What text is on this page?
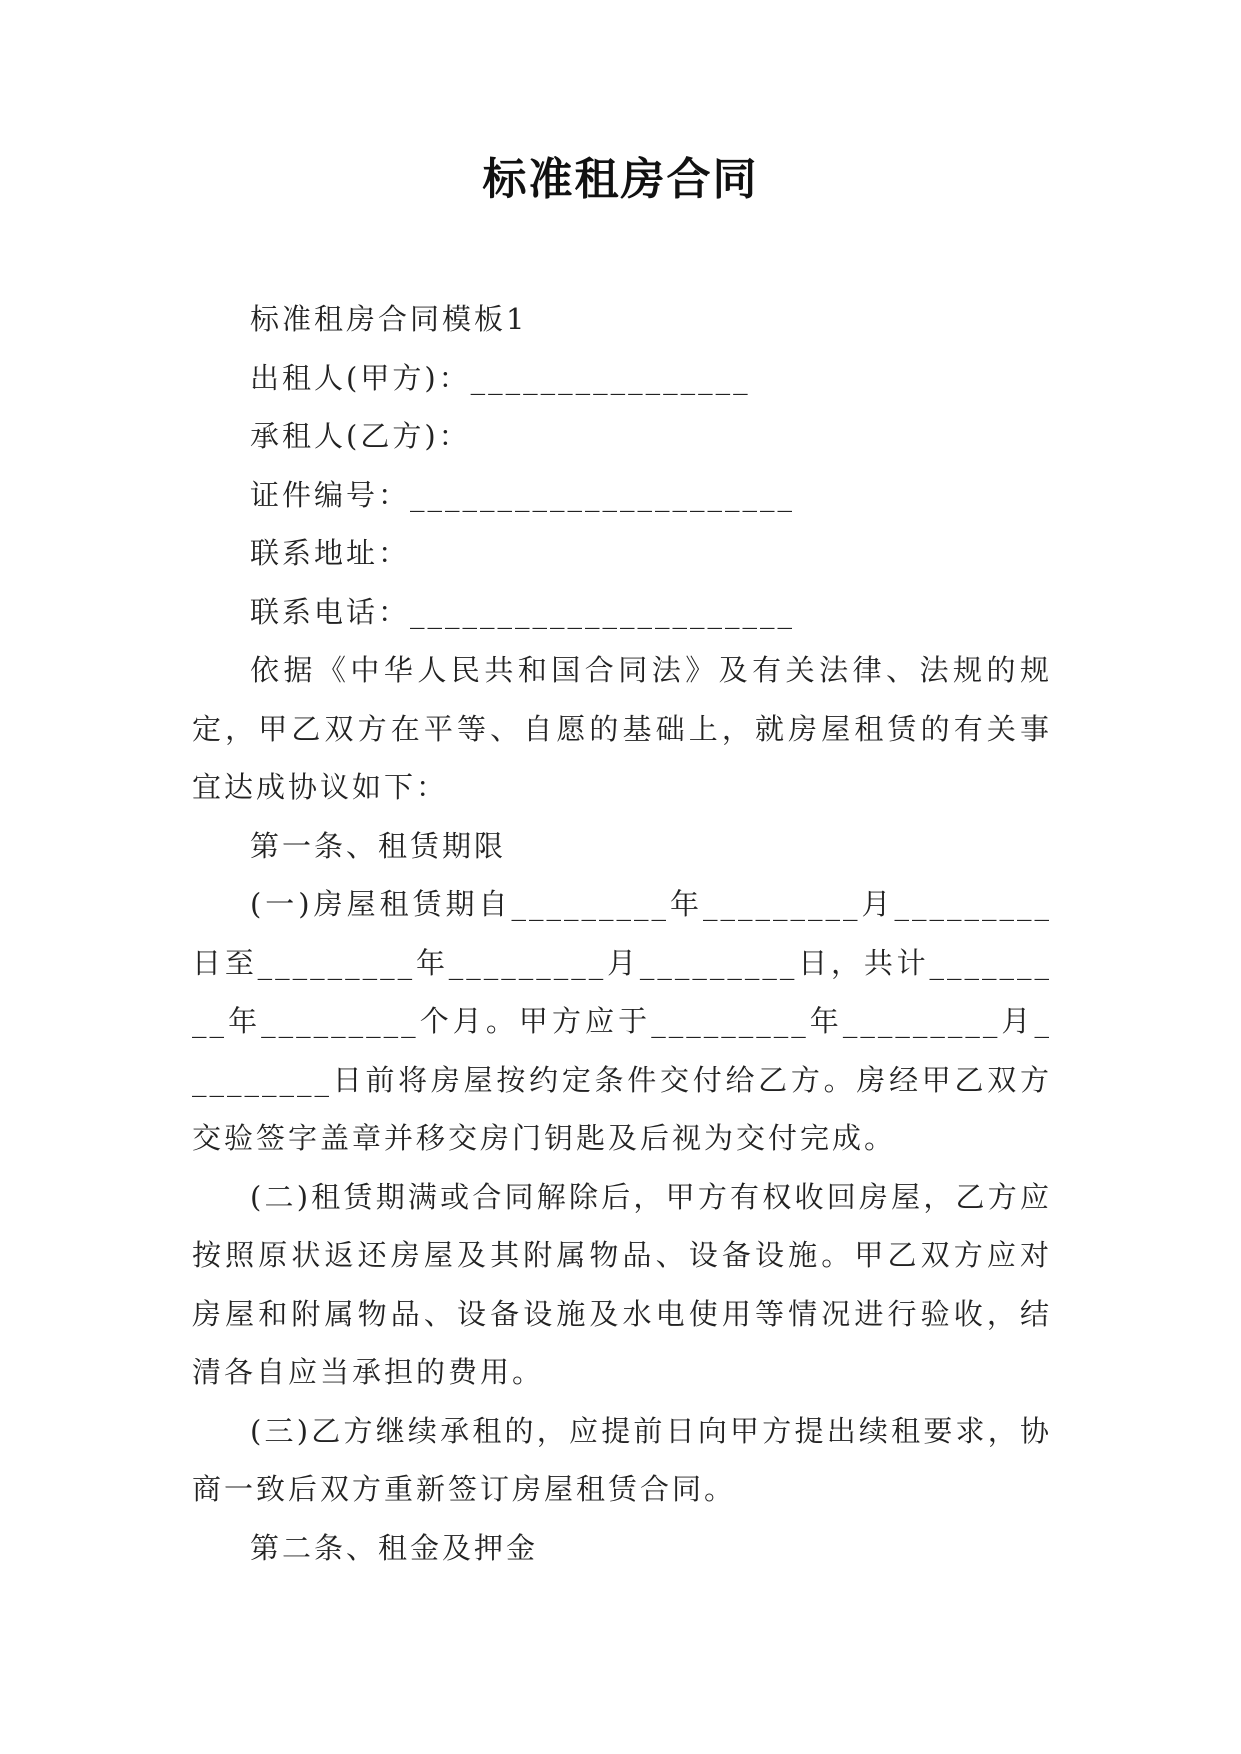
标准租房合同

标准租房合同模板1

出租人(甲方)：________________

承租人(乙方)：

证件编号：______________________

联系地址：

联系电话：______________________

依据《中华人民共和国合同法》及有关法律、法规的规定，甲乙双方在平等、自愿的基础上，就房屋租赁的有关事宜达成协议如下：

第一条、租赁期限

(一)房屋租赁期自_________年_________月_________日至_________年_________月_________日，共计_________年_________个月。甲方应于_________年_________月_________日前将房屋按约定条件交付给乙方。房经甲乙双方交验签字盖章并移交房门钥匙及后视为交付完成。

(二)租赁期满或合同解除后，甲方有权收回房屋，乙方应按照原状返还房屋及其附属物品、设备设施。甲乙双方应对房屋和附属物品、设备设施及水电使用等情况进行验收，结清各自应当承担的费用。

(三)乙方继续承租的，应提前日向甲方提出续租要求，协商一致后双方重新签订房屋租赁合同。

第二条、租金及押金
